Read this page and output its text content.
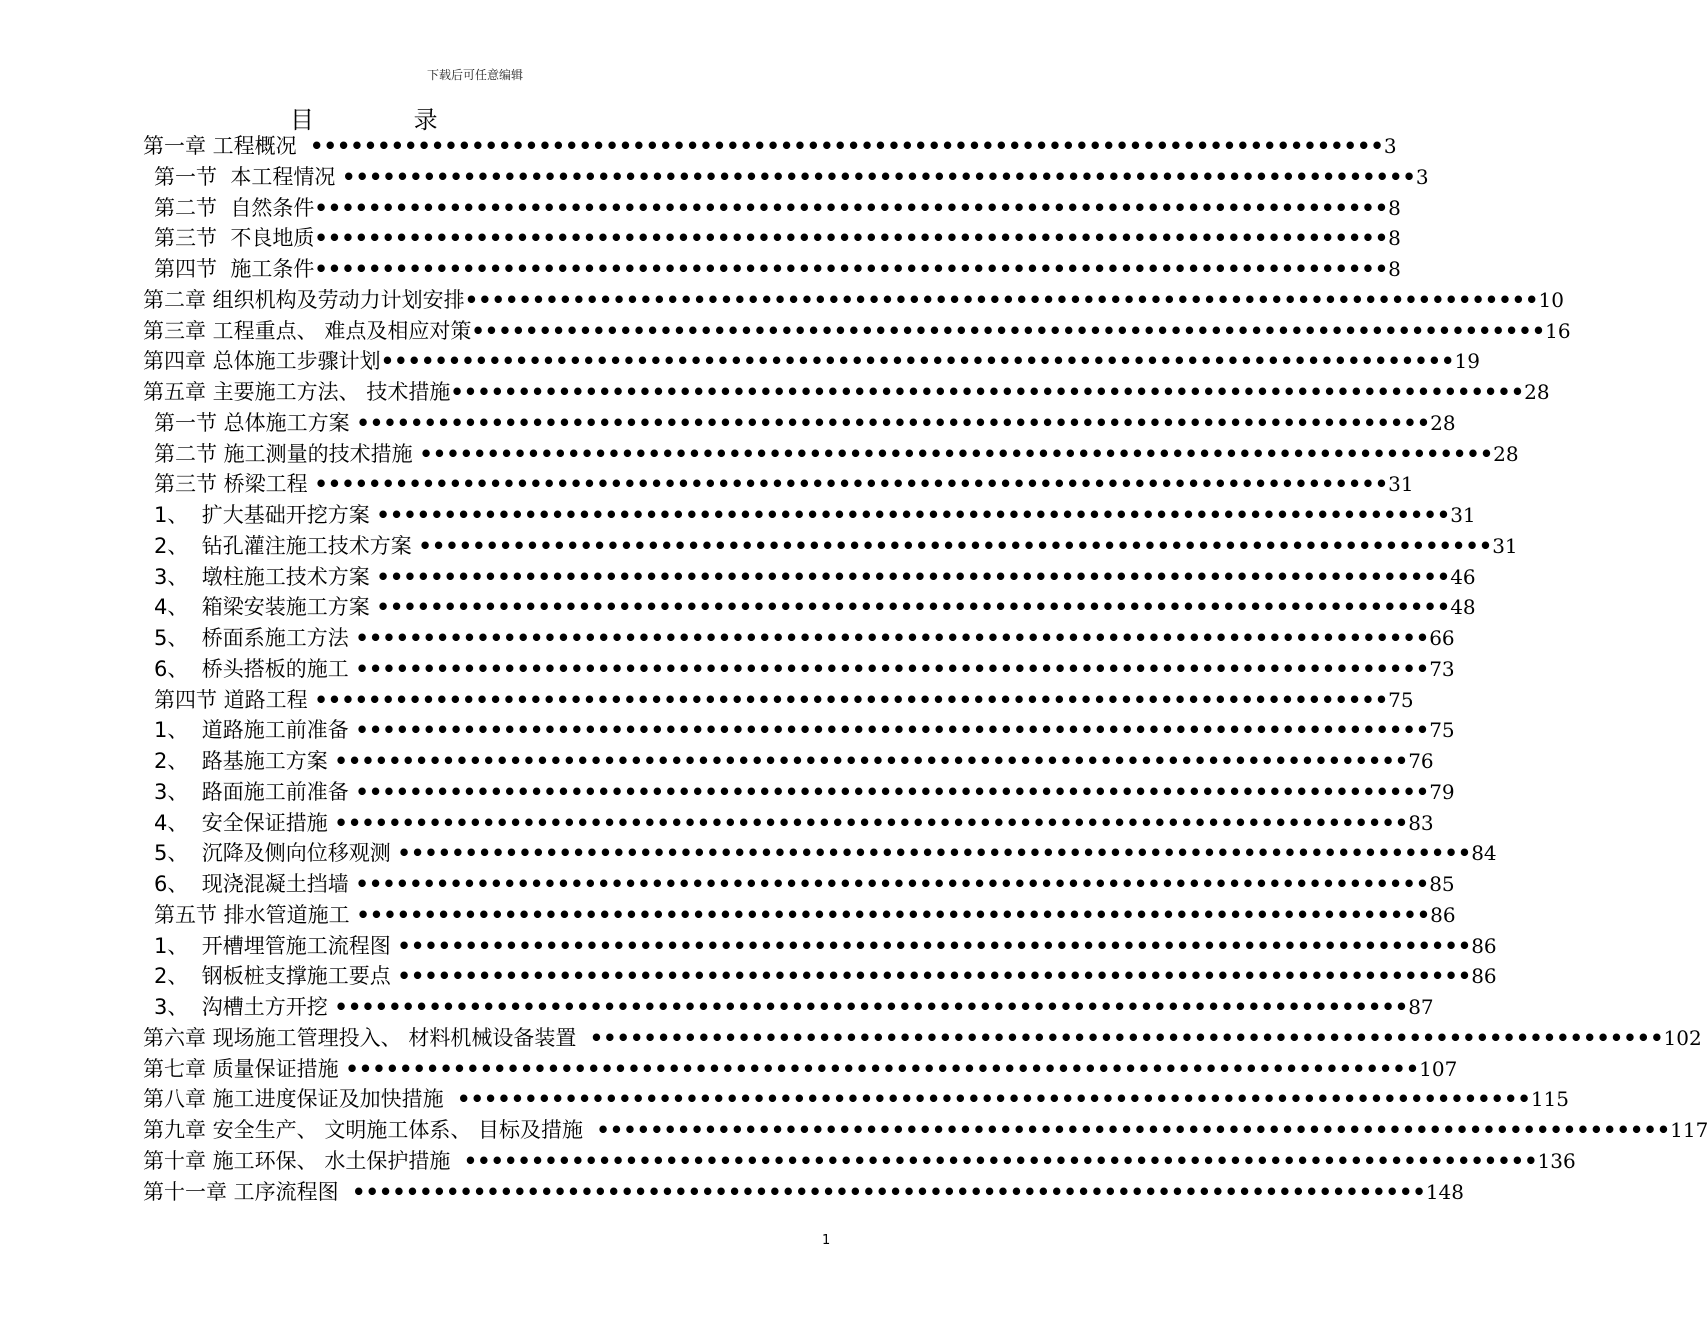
下载后可任意编辑
目 录
第一章 工程概况 •••••••••••••••••••••••••••••••••••••••••••••••••••••••••••••••••••••••••••••••• 3
第一节  本工程情况 •••••••••••••••••••••••••••••••••••••••••••••••••••••••••••••••••••••••••••••••• 3
第二节  自然条件 •••••••••••••••••••••••••••••••••••••••••••••••••••••••••••••••••••••••••••••••• 8
第三节  不良地质 •••••••••••••••••••••••••••••••••••••••••••••••••••••••••••••••••••••••••••••••• 8
第四节  施工条件 •••••••••••••••••••••••••••••••••••••••••••••••••••••••••••••••••••••••••••••••• 8
第二章 组织机构及劳动力计划安排 •••••••••••••••••••••••••••••••••••••••••••••••••••••••••••••••••••••••••••••••• 10
第三章 工程重点、 难点及相应对策 •••••••••••••••••••••••••••••••••••••••••••••••••••••••••••••••••••••••••••••••• 16
第四章 总体施工步骤计划 •••••••••••••••••••••••••••••••••••••••••••••••••••••••••••••••••••••••••••••••• 19
第五章 主要施工方法、 技术措施 •••••••••••••••••••••••••••••••••••••••••••••••••••••••••••••••••••••••••••••••• 28
第一节 总体施工方案 •••••••••••••••••••••••••••••••••••••••••••••••••••••••••••••••••••••••••••••••• 28
第二节 施工测量的技术措施 •••••••••••••••••••••••••••••••••••••••••••••••••••••••••••••••••••••••••••••••• 28
第三节 桥梁工程 •••••••••••••••••••••••••••••••••••••••••••••••••••••••••••••••••••••••••••••••• 31
1、  扩大基础开挖方案 •••••••••••••••••••••••••••••••••••••••••••••••••••••••••••••••••••••••••••••••• 31
2、  钻孔灌注施工技术方案 •••••••••••••••••••••••••••••••••••••••••••••••••••••••••••••••••••••••••••••••• 31
3、  墩柱施工技术方案 •••••••••••••••••••••••••••••••••••••••••••••••••••••••••••••••••••••••••••••••• 46
4、  箱梁安装施工方案 •••••••••••••••••••••••••••••••••••••••••••••••••••••••••••••••••••••••••••••••• 48
5、  桥面系施工方法 •••••••••••••••••••••••••••••••••••••••••••••••••••••••••••••••••••••••••••••••• 66
6、  桥头搭板的施工 •••••••••••••••••••••••••••••••••••••••••••••••••••••••••••••••••••••••••••••••• 73
第四节 道路工程 •••••••••••••••••••••••••••••••••••••••••••••••••••••••••••••••••••••••••••••••• 75
1、  道路施工前准备 •••••••••••••••••••••••••••••••••••••••••••••••••••••••••••••••••••••••••••••••• 75
2、  路基施工方案 •••••••••••••••••••••••••••••••••••••••••••••••••••••••••••••••••••••••••••••••• 76
3、  路面施工前准备 •••••••••••••••••••••••••••••••••••••••••••••••••••••••••••••••••••••••••••••••• 79
4、  安全保证措施 •••••••••••••••••••••••••••••••••••••••••••••••••••••••••••••••••••••••••••••••• 83
5、  沉降及侧向位移观测 •••••••••••••••••••••••••••••••••••••••••••••••••••••••••••••••••••••••••••••••• 84
6、  现浇混凝土挡墙 •••••••••••••••••••••••••••••••••••••••••••••••••••••••••••••••••••••••••••••••• 85
第五节 排水管道施工 •••••••••••••••••••••••••••••••••••••••••••••••••••••••••••••••••••••••••••••••• 86
1、  开槽埋管施工流程图 •••••••••••••••••••••••••••••••••••••••••••••••••••••••••••••••••••••••••••••••• 86
2、  钢板桩支撑施工要点 •••••••••••••••••••••••••••••••••••••••••••••••••••••••••••••••••••••••••••••••• 86
3、  沟槽土方开挖 •••••••••••••••••••••••••••••••••••••••••••••••••••••••••••••••••••••••••••••••• 87
第六章 现场施工管理投入、 材料机械设备装置 •••••••••••••••••••••••••••••••••••••••••••••••••••••••••••••••••••••••••••••••• 102
第七章 质量保证措施 •••••••••••••••••••••••••••••••••••••••••••••••••••••••••••••••••••••••••••••••• 107
第八章 施工进度保证及加快措施 •••••••••••••••••••••••••••••••••••••••••••••••••••••••••••••••••••••••••••••••• 115
第九章 安全生产、 文明施工体系、 目标及措施 •••••••••••••••••••••••••••••••••••••••••••••••••••••••••••••••••••••••••••••••• 117
第十章 施工环保、 水土保护措施 •••••••••••••••••••••••••••••••••••••••••••••••••••••••••••••••••••••••••••••••• 136
第十一章 工序流程图 •••••••••••••••••••••••••••••••••••••••••••••••••••••••••••••••••••••••••••••••• 148
1
